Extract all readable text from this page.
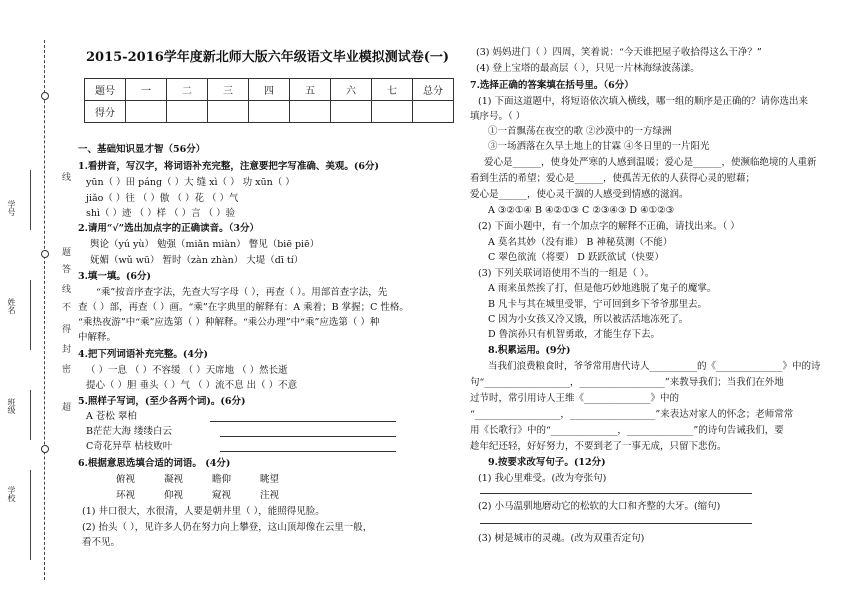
学号
姓名
班级
学校
线
题
答
线
不
得
封
密
超
2015-2016学年度新北师大版六年级语文毕业模拟测试卷(一)
题号	一	二	三	四	五	六	七	总分
得分								
一、基础知识显才智（56分）
1.看拼音，写汉字，将词语补充完整，注意要把字写准确、美观。(6分)
yūn（ ）田 páng（ ）大 缝 xì（ ） 功 xūn（ ）
jiǎo（ ）往 （ ）傲 （ ）花 （ ）气
shì（ ）迹 （ ）样 （ ）言 （ ）验
2.请用“√”选出加点字的正确读音。（3分）
舆论（yú yù） 勉强（miǎn miàn） 瞥见（biē piē）
妩媚（wǔ wū） 暂时（zàn zhàn） 大堤（dī tí）
3.填一填。(6分)
“乘”按音序查字法，先查大写字母（ ），再查（ ）。用部首查字法，先
查（ ）部，再查（ ）画。“乘”在字典里的解释有：A 乘着；B 掌握；C 性格。
“乘热夜游”中“乘”应选第（ ）种解释。“乘公办理”中“乘”应选第（ ）种
中解释。
4.把下列词语补充完整。(4分)
（ ）一息 （ ）不容缓 （ ）天席地 （ ）然长逝
提心（ ）胆 垂头（ ）气 （ ）流不息 出（ ）不意
5.照样子写词，(至少各两个词)。(6分)
A 苍松 翠柏
B茫茫大海 缕缕白云
C奇花异草 枯枝败叶
6.根据意思选填合适的词语。 (4分)
俯视 凝视 瞻仰 眺望
环视 仰视 窥视 注视
(1) 井口很大，水很清，人要是朝井里（ ），能照得见脸。
(2) 抬头（ ），见许多人仍在努力向上攀登，这山顶却像在云里一般，
看不见。
(3) 妈妈进门（ ）四周，笑着说：“今天谁把屋子收拾得这么干净？”
(4) 登上宝塔的最高层（ ），只见一片林海绿波荡漾。
7.选择正确的答案填在括号里。（6分）
(1) 下面这道题中，将短语依次填入横线，哪一组的顺序是正确的？请你选出来
填序号。（ ）
①一首飘荡在夜空的歌 ②沙漠中的一方绿洲
③一场洒落在久旱土地上的甘霖 ④冬日里的一片阳光
爱心是______，使身处严寒的人感到温暖；爱心是______，使濒临绝境的人重新
看到生活的希望；爱心是______，使孤苦无依的人获得心灵的慰藉；
爱心是______，使心灵干涸的人感受到情感的滋润。
A ③②①④ B ④②①③ C ②③④③ D ④①②③
(2) 下面小题中，有一个加点字的解释不正确，请找出来。（ ）
A 莫名其妙（没有谁） B 神秘莫测（不能）
C 翠色欲流（将要） D 跃跃欲试（快要）
(3) 下列关联词语使用不当的一组是（ ）。
A 雨来虽然挨了打，但是他巧妙地逃脱了鬼子的魔掌。
B 凡卡与其在城里受罪，宁可回到乡下爷爷那里去。
C 因为小女孩又冷又饿，所以被活活地冻死了。
D 鲁滨孙只有机智勇敢，才能生存下去。
8.积累运用。(9分)
当我们浪费粮食时，爷爷常用唐代诗人__________的《______________》中的诗
句“__________________，__________________”来教导我们；当我们在外地
过节时，常引用诗人王维《______________》中的
“__________________，__________________”来表达对家人的怀念；老师常常
用《长歌行》中的“______________，______________”的诗句告诫我们，要
趁年纪还轻，好好努力，不要到老了一事无成，只留下悲伤。
9.按要求改写句子。(12分)
(1) 我心里难受。(改为夸张句)
(2) 小马温驯地磨动它的松软的大口和齐整的大牙。(缩句)
(3) 树是城市的灵魂。(改为双重否定句)
